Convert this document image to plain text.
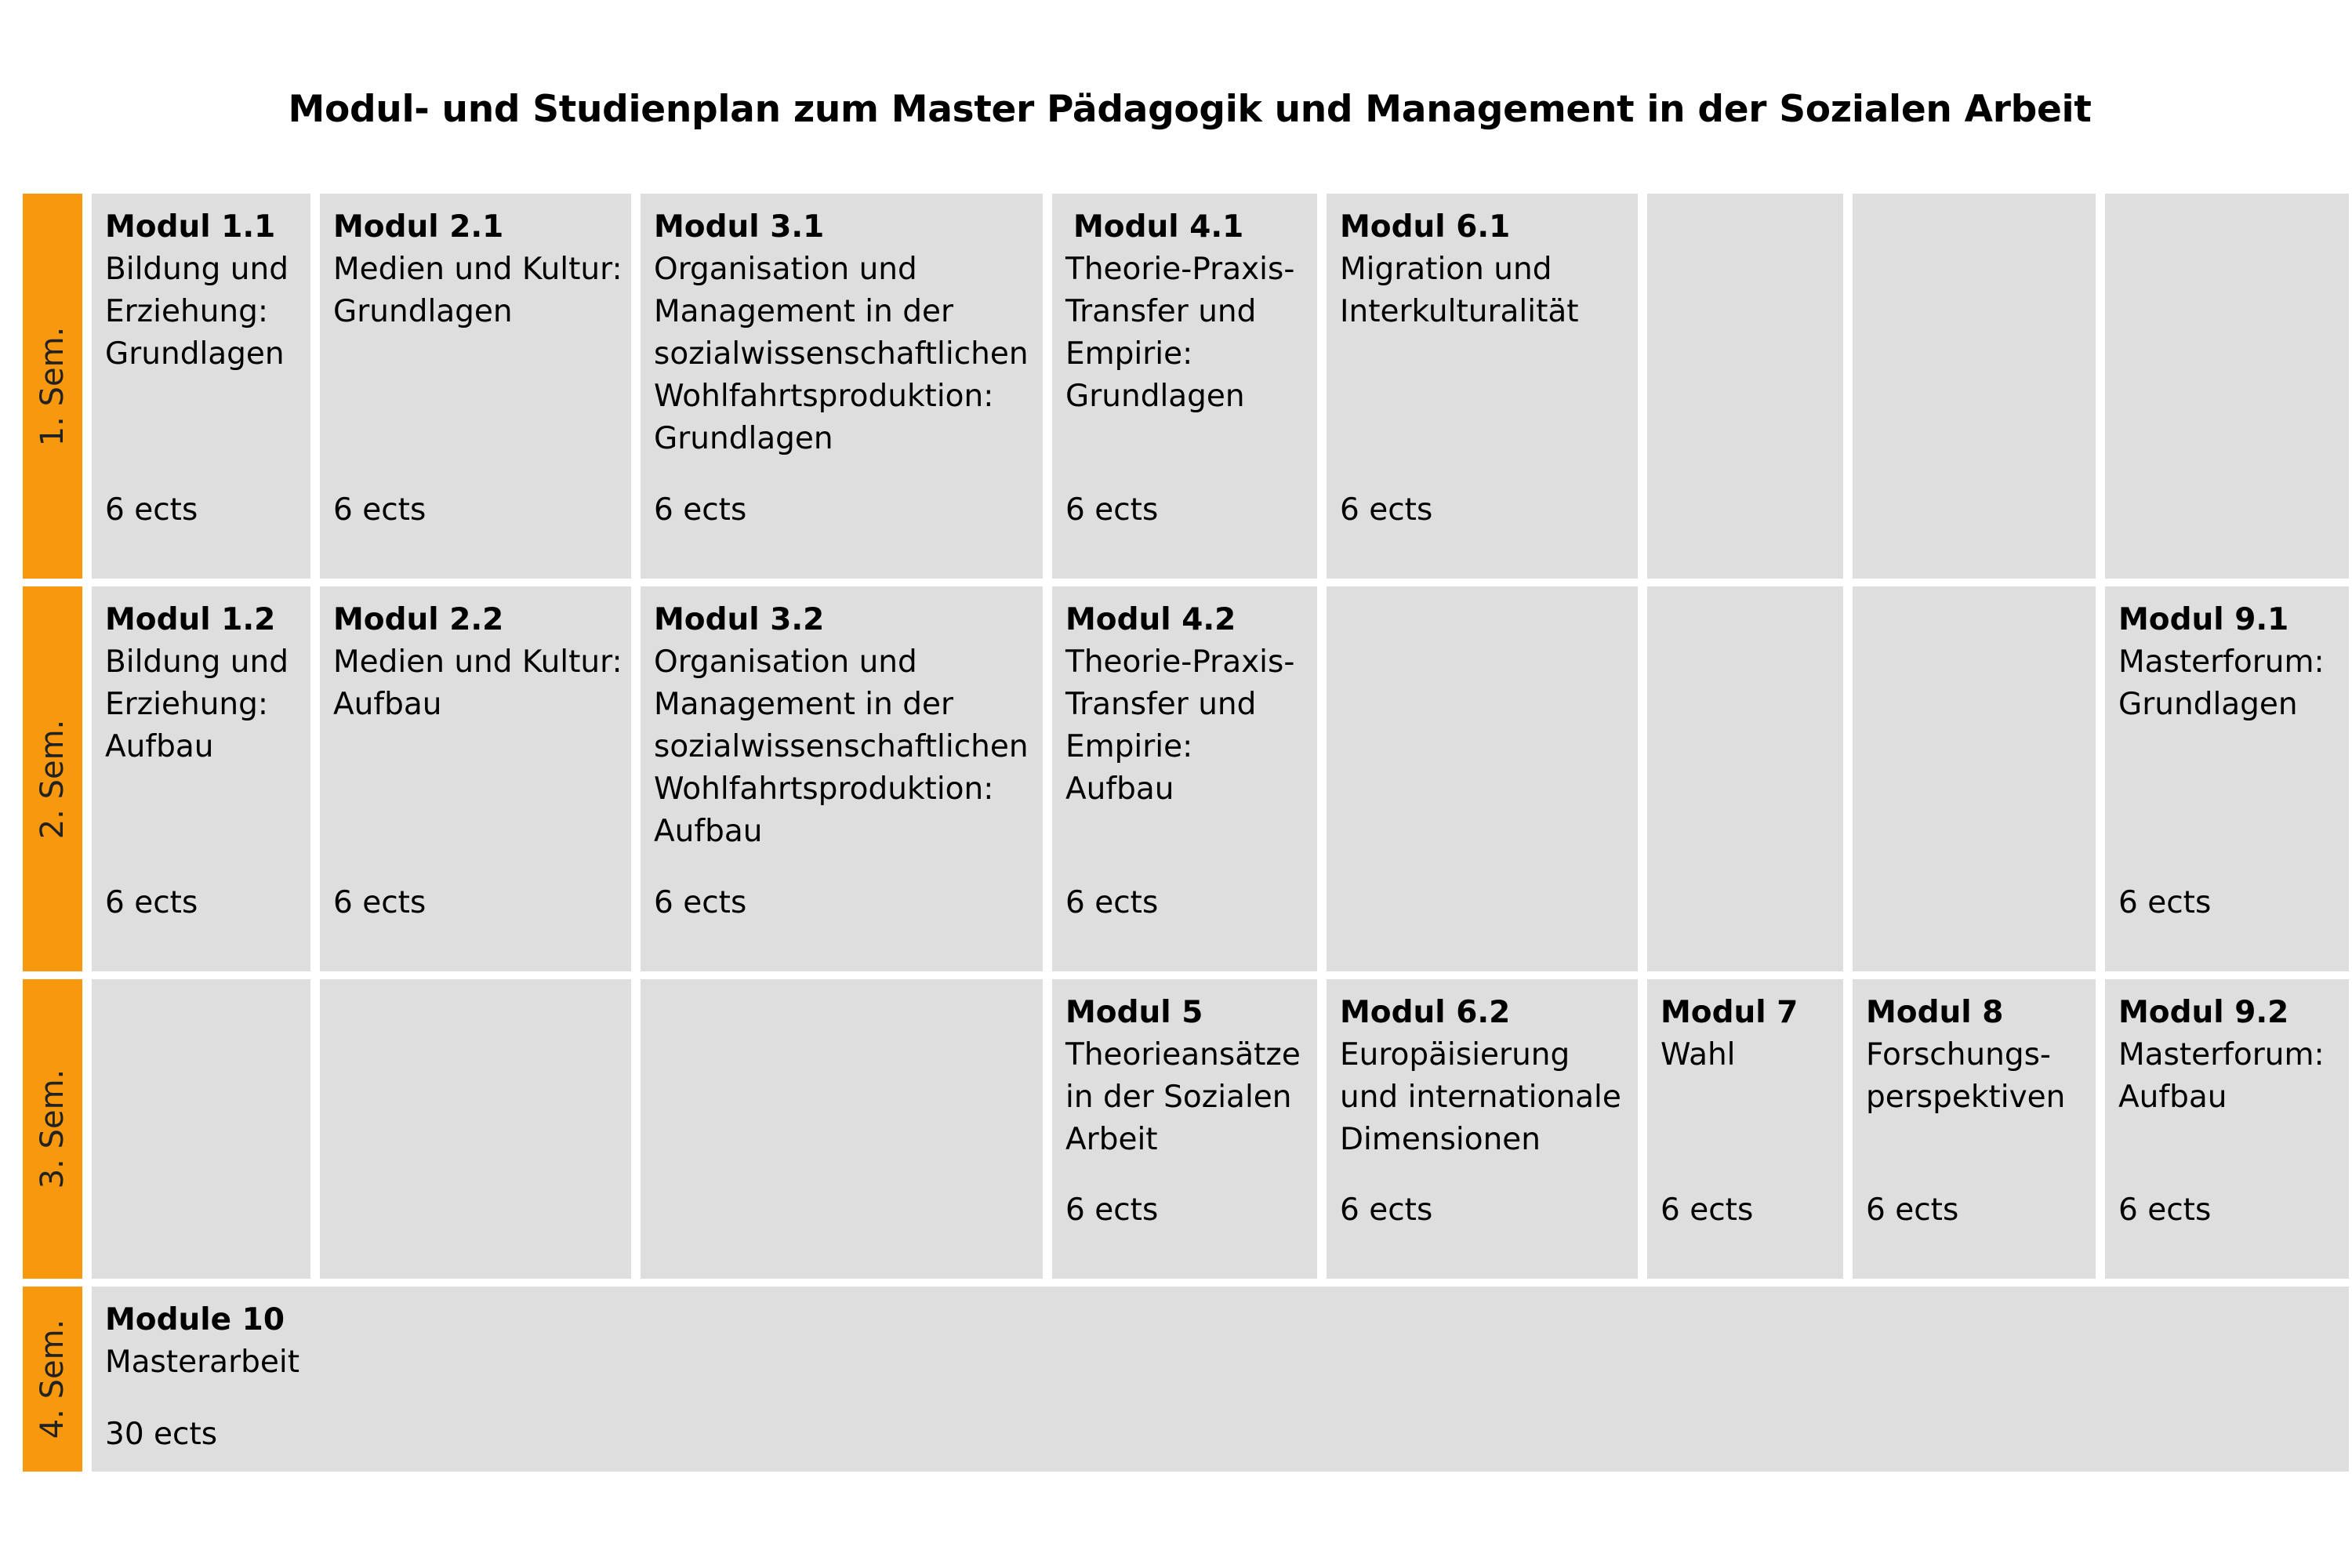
Modul- und Studienplan zum Master Pädagogik und Management in der Sozialen Arbeit
1. Sem.
2. Sem.
3. Sem.
4. Sem.
Modul 1.1
Bildung und
Erziehung:
Grundlagen
6 ects
Modul 2.1
Medien und Kultur:
Grundlagen
6 ects
Modul 3.1
Organisation und
Management in der
sozialwissenschaftlichen
Wohlfahrtsproduktion:
Grundlagen
6 ects
Modul 4.1
Theorie-Praxis-
Transfer und
Empirie:
Grundlagen
6 ects
Modul 6.1
Migration und
Interkulturalität
6 ects
Modul 1.2
Bildung und
Erziehung:
Aufbau
6 ects
Modul 2.2
Medien und Kultur:
Aufbau
6 ects
Modul 3.2
Organisation und
Management in der
sozialwissenschaftlichen
Wohlfahrtsproduktion:
Aufbau
6 ects
Modul 4.2
Theorie-Praxis-
Transfer und
Empirie:
Aufbau
6 ects
Modul 9.1
Masterforum:
Grundlagen
6 ects
Modul 5
Theorieansätze
in der Sozialen
Arbeit
6 ects
Modul 6.2
Europäisierung
und internationale
Dimensionen
6 ects
Modul 7
Wahl
6 ects
Modul 8
Forschungs-
perspektiven
6 ects
Modul 9.2
Masterforum:
Aufbau
6 ects
Module 10
Masterarbeit
30 ects
